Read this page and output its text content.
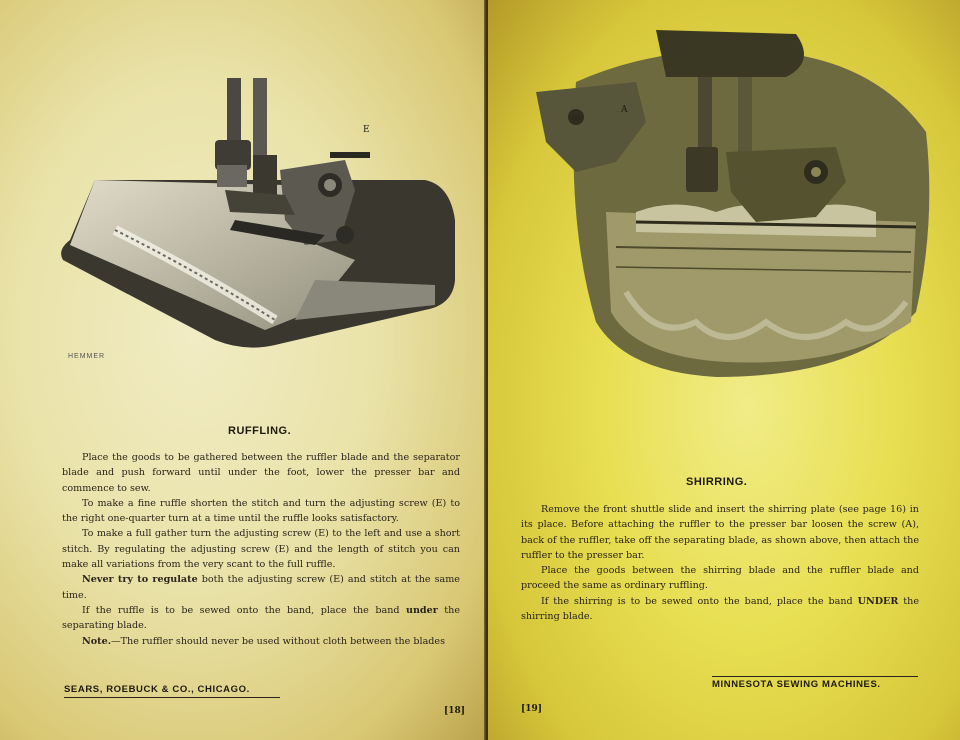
E
HEMMER
RUFFLING.

Place the goods to be gathered between the ruffler blade and the separator blade and push forward until under the foot, lower the presser bar and commence to sew.

To make a fine ruffle shorten the stitch and turn the adjusting screw (E) to the right one-quarter turn at a time until the ruffle looks satisfactory.

To make a full gather turn the adjusting screw (E) to the left and use a short stitch. By regulating the adjusting screw (E) and the length of stitch you can make all variations from the very scant to the full ruffle.

Never try to regulate both the adjusting screw (E) and stitch at the same time.

If the ruffle is to be sewed onto the band, place the band under the separating blade.

Note.—The ruffler should never be used without cloth between the blades

SEARS, ROEBUCK & CO., CHICAGO.
[18]
A
SHIRRING.

Remove the front shuttle slide and insert the shirring plate (see page 16) in its place. Before attaching the ruffler to the presser bar loosen the screw (A), back of the ruffler, take off the separating blade, as shown above, then attach the ruffler to the presser bar.

Place the goods between the shirring blade and the ruffler blade and proceed the same as ordinary ruffling.

If the shirring is to be sewed onto the band, place the band UNDER the shirring blade.

MINNESOTA SEWING MACHINES.
[19]
